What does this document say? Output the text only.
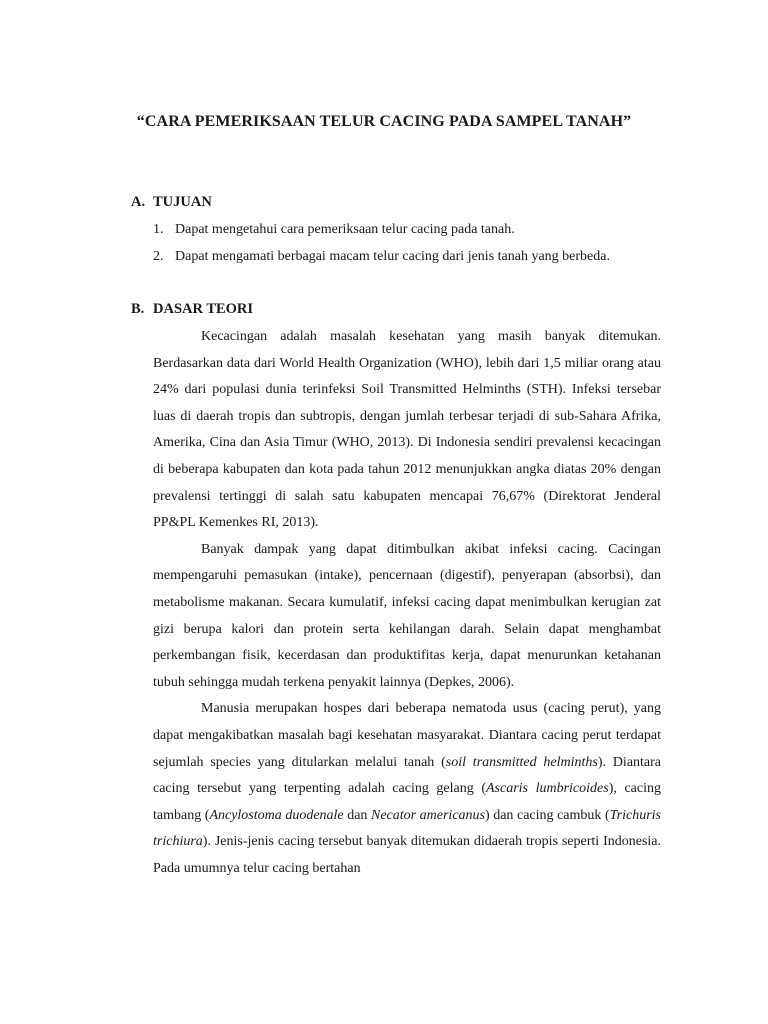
“CARA PEMERIKSAAN TELUR CACING PADA SAMPEL TANAH”
A. TUJUAN
1. Dapat mengetahui cara pemeriksaan telur cacing pada tanah.
2. Dapat mengamati berbagai macam telur cacing dari jenis tanah yang berbeda.
B. DASAR TEORI

Kecacingan adalah masalah kesehatan yang masih banyak ditemukan. Berdasarkan data dari World Health Organization (WHO), lebih dari 1,5 miliar orang atau 24% dari populasi dunia terinfeksi Soil Transmitted Helminths (STH). Infeksi tersebar luas di daerah tropis dan subtropis, dengan jumlah terbesar terjadi di sub-Sahara Afrika, Amerika, Cina dan Asia Timur (WHO, 2013). Di Indonesia sendiri prevalensi kecacingan di beberapa kabupaten dan kota pada tahun 2012 menunjukkan angka diatas 20% dengan prevalensi tertinggi di salah satu kabupaten mencapai 76,67% (Direktorat Jenderal PP&PL Kemenkes RI, 2013).

Banyak dampak yang dapat ditimbulkan akibat infeksi cacing. Cacingan mempengaruhi pemasukan (intake), pencernaan (digestif), penyerapan (absorbsi), dan metabolisme makanan. Secara kumulatif, infeksi cacing dapat menimbulkan kerugian zat gizi berupa kalori dan protein serta kehilangan darah. Selain dapat menghambat perkembangan fisik, kecerdasan dan produktifitas kerja, dapat menurunkan ketahanan tubuh sehingga mudah terkena penyakit lainnya (Depkes, 2006).

Manusia merupakan hospes dari beberapa nematoda usus (cacing perut), yang dapat mengakibatkan masalah bagi kesehatan masyarakat. Diantara cacing perut terdapat sejumlah species yang ditularkan melalui tanah (soil transmitted helminths). Diantara cacing tersebut yang terpenting adalah cacing gelang (Ascaris lumbricoides), cacing tambang (Ancylostoma duodenale dan Necator americanus) dan cacing cambuk (Trichuris trichiura). Jenis-jenis cacing tersebut banyak ditemukan didaerah tropis seperti Indonesia. Pada umumnya telur cacing bertahan
